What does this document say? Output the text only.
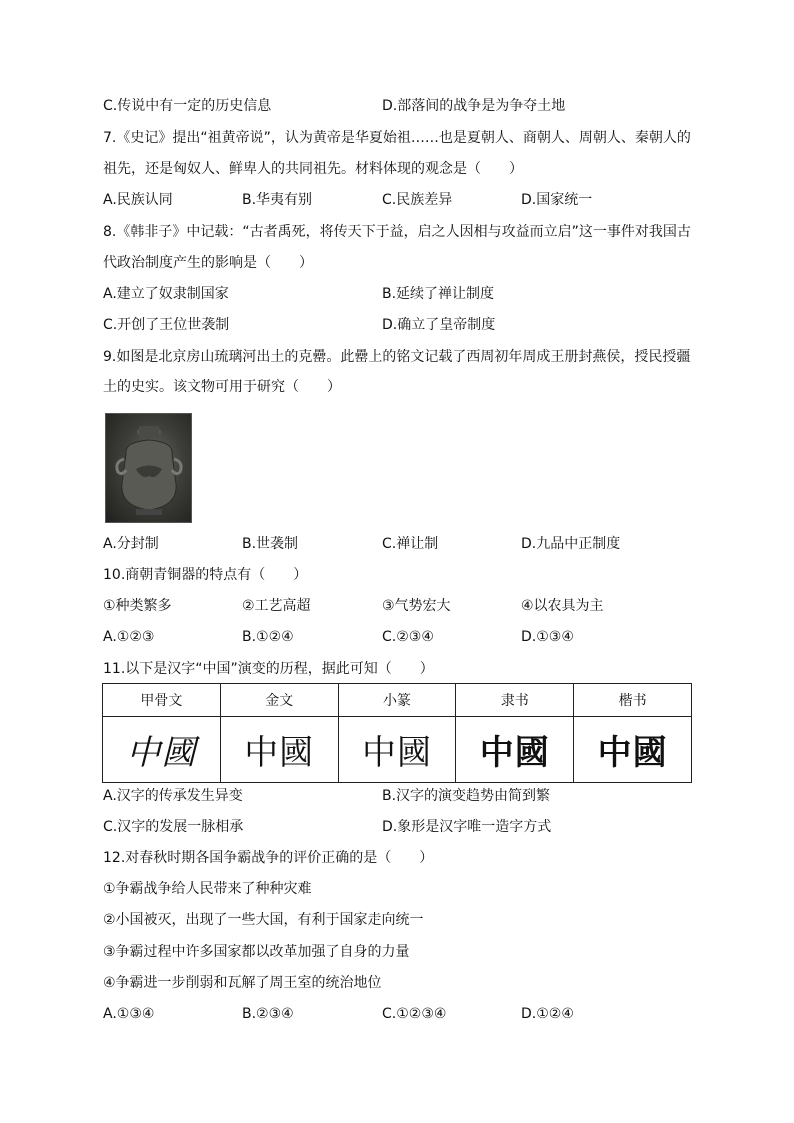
C.传说中有一定的历史信息	D.部落间的战争是为争夺土地
7.《史记》提出“祖黄帝说”，认为黄帝是华夏始祖……也是夏朝人、商朝人、周朝人、秦朝人的
祖先，还是匈奴人、鲜卑人的共同祖先。材料体现的观念是（　　）
A.民族认同	B.华夷有别	C.民族差异	D.国家统一
8.《韩非子》中记载：“古者禹死，将传天下于益，启之人因相与攻益而立启”这一事件对我国古
代政治制度产生的影响是（　　）
A.建立了奴隶制国家	B.延续了禅让制度
C.开创了王位世袭制	D.确立了皇帝制度
9.如图是北京房山琉璃河出土的克罍。此罍上的铭文记载了西周初年周成王册封燕侯，授民授疆
土的史实。该文物可用于研究（　　）
A.分封制	B.世袭制	C.禅让制	D.九品中正制度
10.商朝青铜器的特点有（　　）
①种类繁多	②工艺高超	③气势宏大	④以农具为主
A.①②③	B.①②④	C.②③④	D.①③④
11.以下是汉字“中国”演变的历程，据此可知（　　）
甲骨文	金文	小篆	隶书	楷书
中國	中國	中國	中國	中國
A.汉字的传承发生异变	B.汉字的演变趋势由简到繁
C.汉字的发展一脉相承	D.象形是汉字唯一造字方式
12.对春秋时期各国争霸战争的评价正确的是（　　）
①争霸战争给人民带来了种种灾难
②小国被灭，出现了一些大国，有利于国家走向统一
③争霸过程中许多国家都以改革加强了自身的力量
④争霸进一步削弱和瓦解了周王室的统治地位
A.①③④	B.②③④	C.①②③④	D.①②④
